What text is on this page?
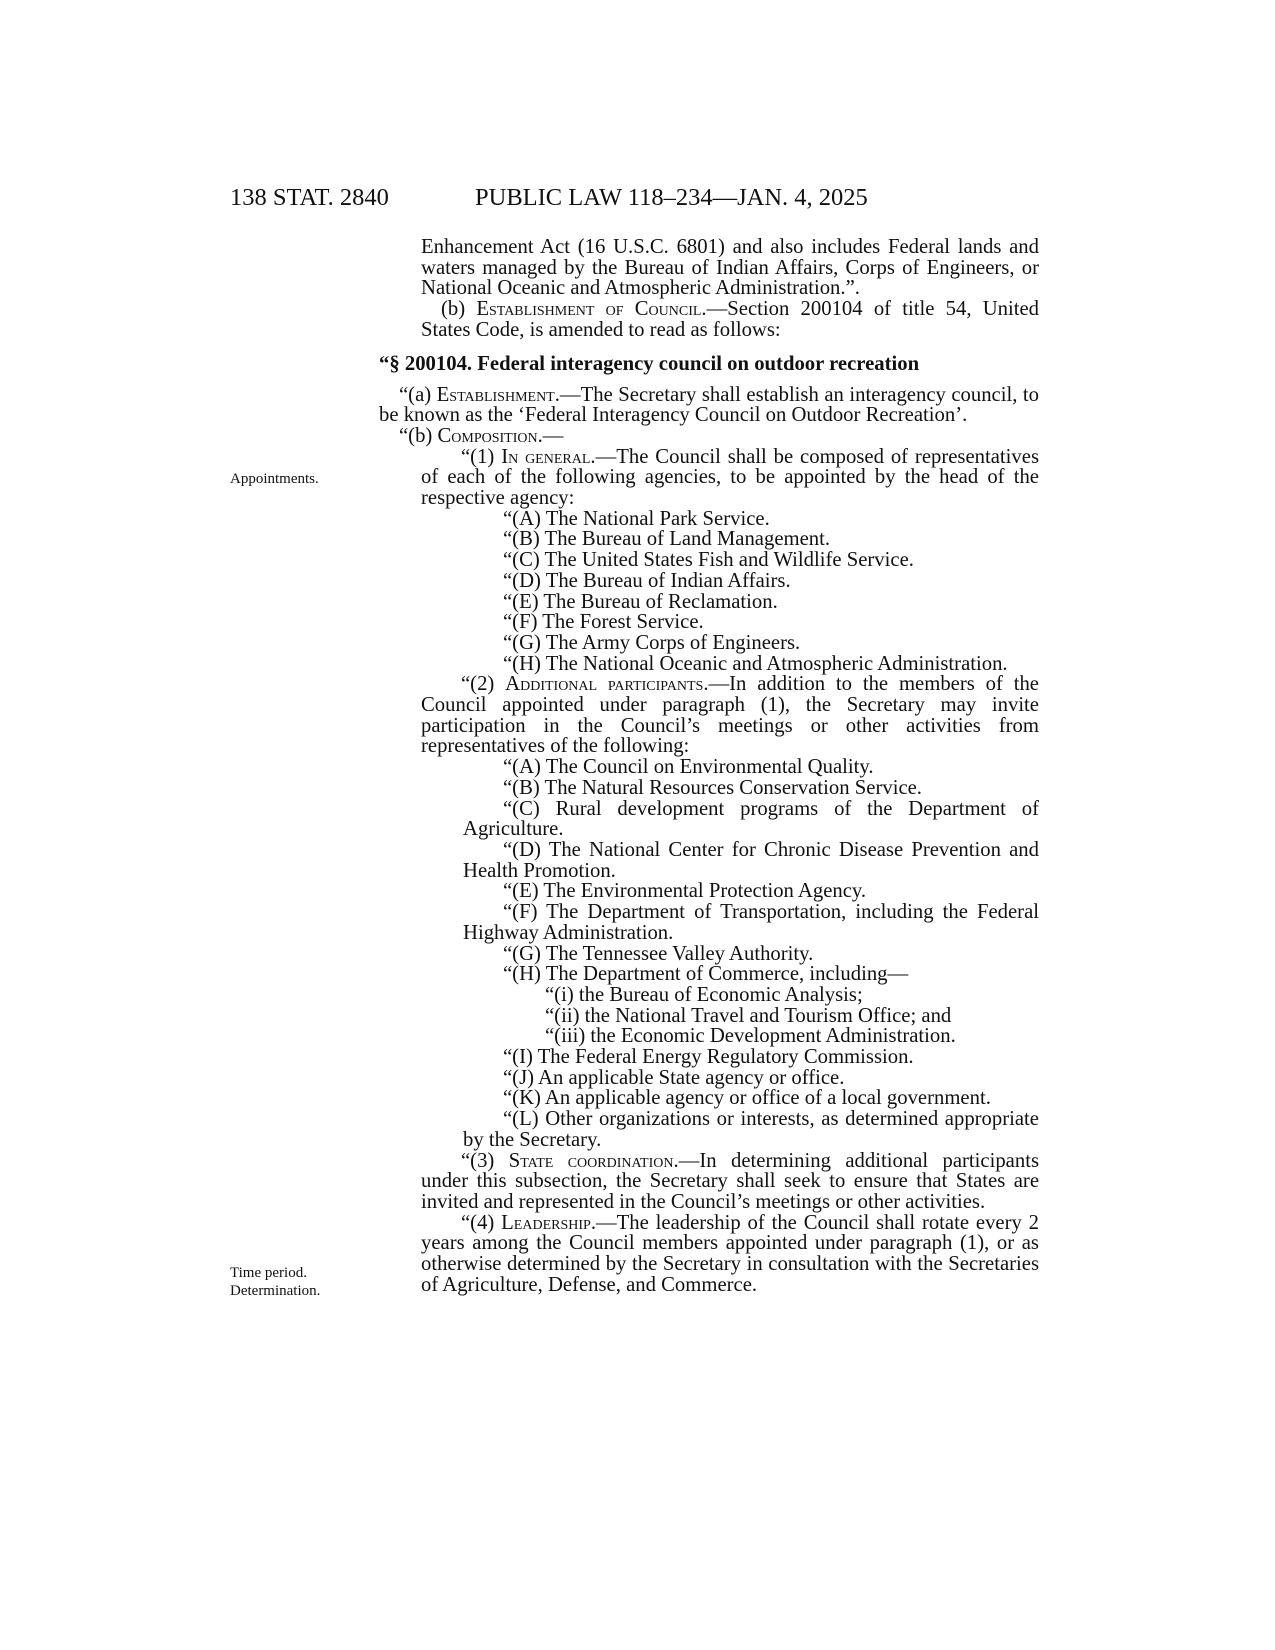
138 STAT. 2840	PUBLIC LAW 118–234—JAN. 4, 2025
Appointments.
Time period.
Determination.

Enhancement Act (16 U.S.C. 6801) and also includes Federal lands and waters managed by the Bureau of Indian Affairs, Corps of Engineers, or National Oceanic and Atmospheric Administration.”.

(b) Establishment of Council.—Section 200104 of title 54, United States Code, is amended to read as follows:

“§ 200104. Federal interagency council on outdoor recreation

“(a) Establishment.—The Secretary shall establish an interagency council, to be known as the ‘Federal Interagency Council on Outdoor Recreation’.

“(b) Composition.—

“(1) In general.—The Council shall be composed of representatives of each of the following agencies, to be appointed by the head of the respective agency:

“(A) The National Park Service.

“(B) The Bureau of Land Management.

“(C) The United States Fish and Wildlife Service.

“(D) The Bureau of Indian Affairs.

“(E) The Bureau of Reclamation.

“(F) The Forest Service.

“(G) The Army Corps of Engineers.

“(H) The National Oceanic and Atmospheric Administration.

“(2) Additional participants.—In addition to the members of the Council appointed under paragraph (1), the Secretary may invite participation in the Council’s meetings or other activities from representatives of the following:

“(A) The Council on Environmental Quality.

“(B) The Natural Resources Conservation Service.

“(C) Rural development programs of the Department of Agriculture.

“(D) The National Center for Chronic Disease Prevention and Health Promotion.

“(E) The Environmental Protection Agency.

“(F) The Department of Transportation, including the Federal Highway Administration.

“(G) The Tennessee Valley Authority.

“(H) The Department of Commerce, including—

“(i) the Bureau of Economic Analysis;

“(ii) the National Travel and Tourism Office; and

“(iii) the Economic Development Administration.

“(I) The Federal Energy Regulatory Commission.

“(J) An applicable State agency or office.

“(K) An applicable agency or office of a local government.

“(L) Other organizations or interests, as determined appropriate by the Secretary.

“(3) State coordination.—In determining additional participants under this subsection, the Secretary shall seek to ensure that States are invited and represented in the Council’s meetings or other activities.

“(4) Leadership.—The leadership of the Council shall rotate every 2 years among the Council members appointed under paragraph (1), or as otherwise determined by the Secretary in consultation with the Secretaries of Agriculture, Defense, and Commerce.
